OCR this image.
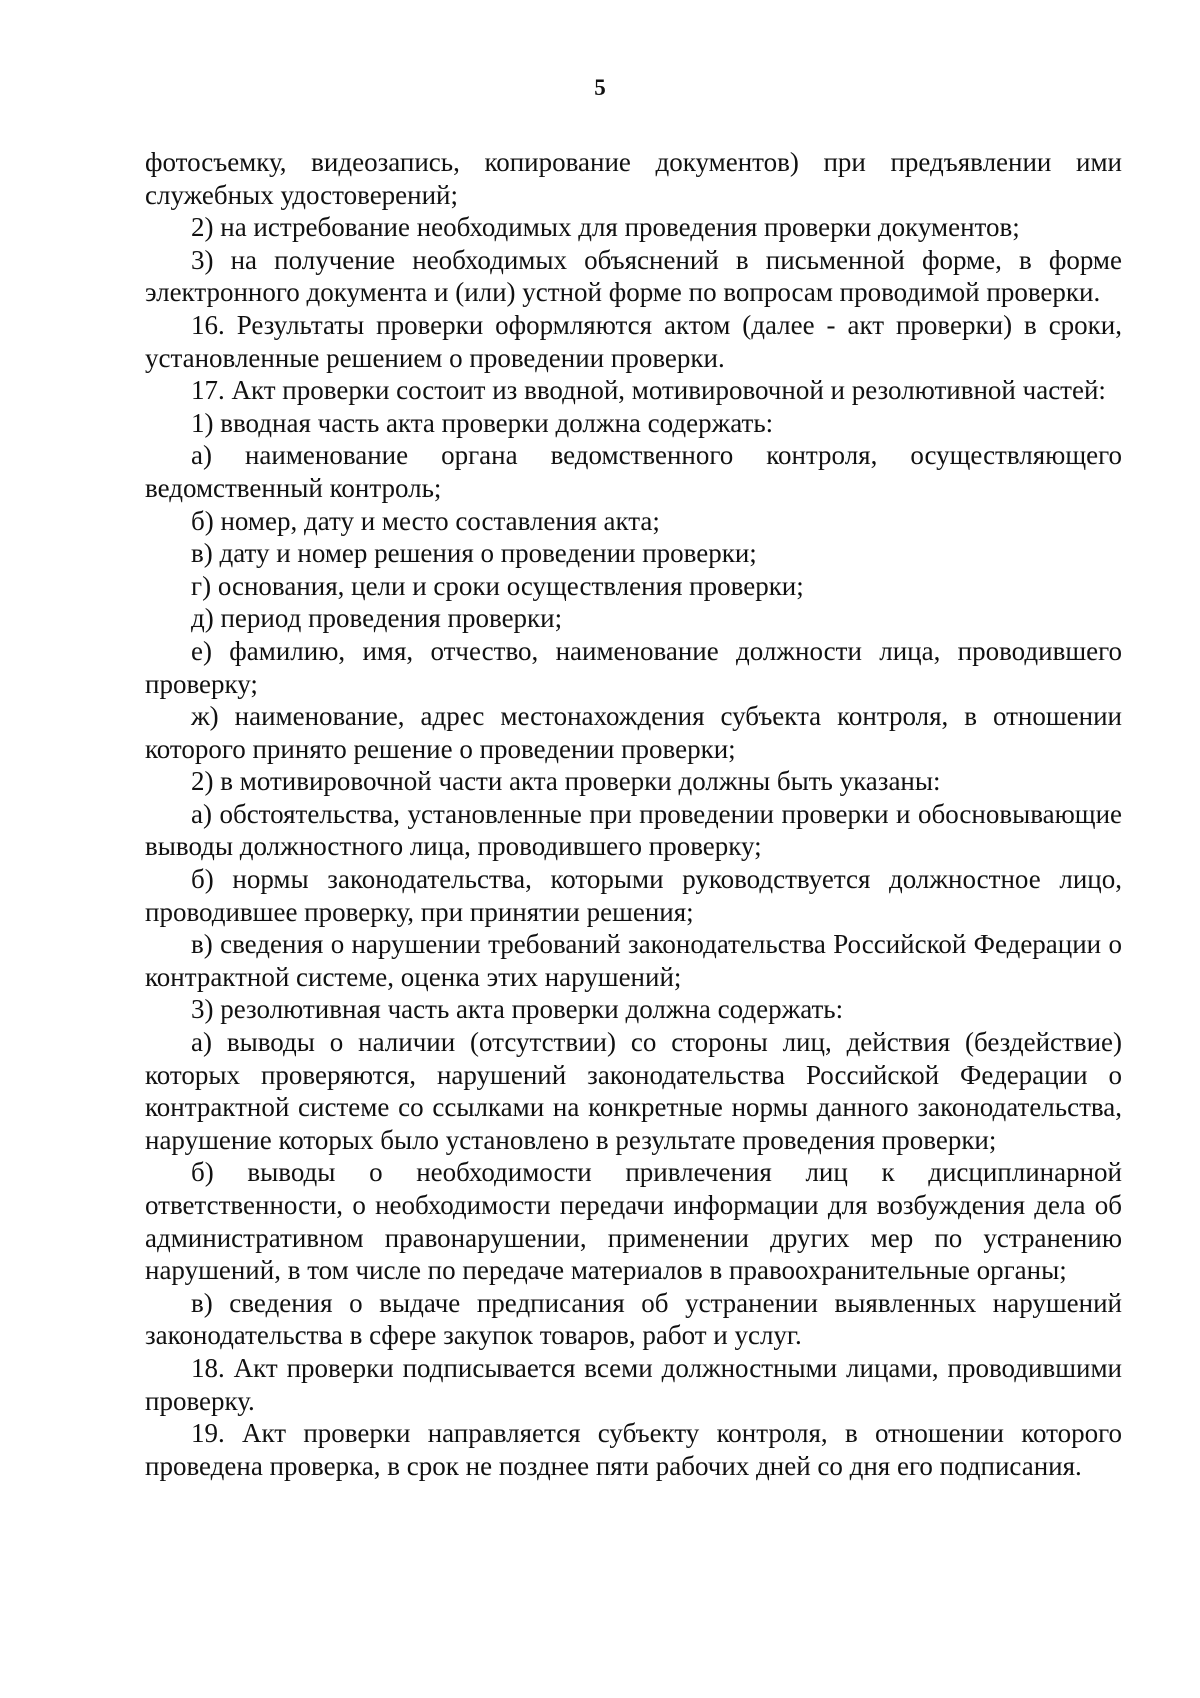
5

фотосъемку, видеозапись, копирование документов) при предъявлении ими служебных удостоверений;

2) на истребование необходимых для проведения проверки документов;

3) на получение необходимых объяснений в письменной форме, в форме электронного документа и (или) устной форме по вопросам проводимой проверки.

16. Результаты проверки оформляются актом (далее - акт проверки) в сроки, установленные решением о проведении проверки.

17. Акт проверки состоит из вводной, мотивировочной и резолютивной частей:

1) вводная часть акта проверки должна содержать:

а) наименование органа ведомственного контроля, осуществляющего ведомственный контроль;

б) номер, дату и место составления акта;

в) дату и номер решения о проведении проверки;

г) основания, цели и сроки осуществления проверки;

д) период проведения проверки;

е) фамилию, имя, отчество, наименование должности лица, проводившего проверку;

ж) наименование, адрес местонахождения субъекта контроля, в отношении которого принято решение о проведении проверки;

2) в мотивировочной части акта проверки должны быть указаны:

а) обстоятельства, установленные при проведении проверки и обосновывающие выводы должностного лица, проводившего проверку;

б) нормы законодательства, которыми руководствуется должностное лицо, проводившее проверку, при принятии решения;

в) сведения о нарушении требований законодательства Российской Федерации о контрактной системе, оценка этих нарушений;

3) резолютивная часть акта проверки должна содержать:

а) выводы о наличии (отсутствии) со стороны лиц, действия (бездействие) которых проверяются, нарушений законодательства Российской Федерации о контрактной системе со ссылками на конкретные нормы данного законодательства, нарушение которых было установлено в результате проведения проверки;

б) выводы о необходимости привлечения лиц к дисциплинарной ответственности, о необходимости передачи информации для возбуждения дела об административном правонарушении, применении других мер по устранению нарушений, в том числе по передаче материалов в правоохранительные органы;

в) сведения о выдаче предписания об устранении выявленных нарушений законодательства в сфере закупок товаров, работ и услуг.

18. Акт проверки подписывается всеми должностными лицами, проводившими проверку.

19. Акт проверки направляется субъекту контроля, в отношении которого проведена проверка, в срок не позднее пяти рабочих дней со дня его подписания.
